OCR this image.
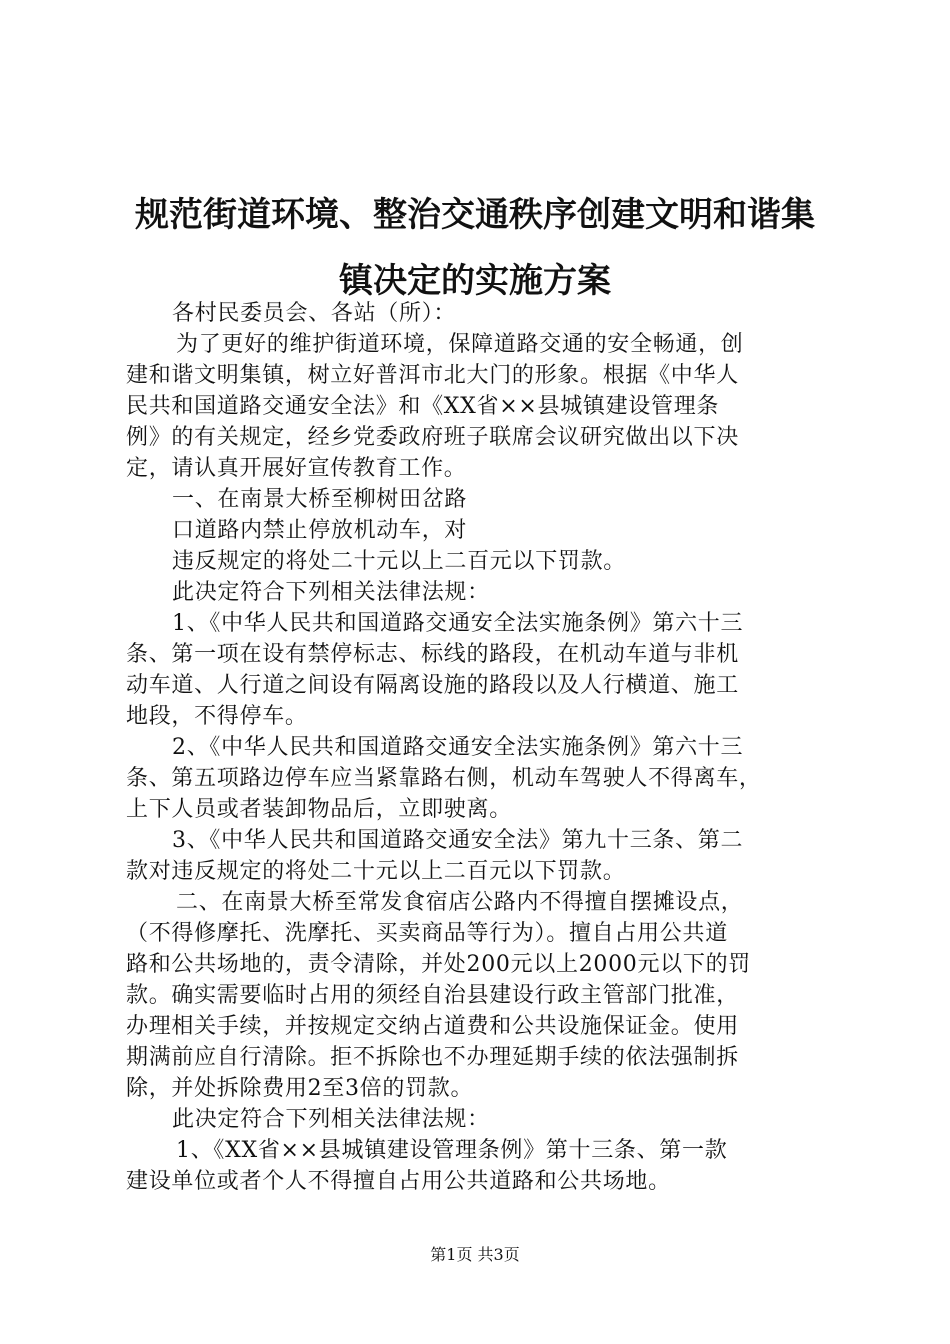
规范街道环境、整治交通秩序创建文明和谐集
镇决定的实施方案
各村民委员会、各站（所）：
为了更好的维护街道环境，保障道路交通的安全畅通，创
建和谐文明集镇，树立好普洱市北大门的形象。根据《中华人
民共和国道路交通安全法》和《XX省××县城镇建设管理条
例》的有关规定，经乡党委政府班子联席会议研究做出以下决
定，请认真开展好宣传教育工作。
一、在南景大桥至柳树田岔路
口道路内禁止停放机动车，对
违反规定的将处二十元以上二百元以下罚款。
此决定符合下列相关法律法规：
1、《中华人民共和国道路交通安全法实施条例》第六十三
条、第一项在设有禁停标志、标线的路段，在机动车道与非机
动车道、人行道之间设有隔离设施的路段以及人行横道、施工
地段，不得停车。
2、《中华人民共和国道路交通安全法实施条例》第六十三
条、第五项路边停车应当紧靠路右侧，机动车驾驶人不得离车，
上下人员或者装卸物品后，立即驶离。
3、《中华人民共和国道路交通安全法》第九十三条、第二
款对违反规定的将处二十元以上二百元以下罚款。
二、在南景大桥至常发食宿店公路内不得擅自摆摊设点，
（不得修摩托、洗摩托、买卖商品等行为）。擅自占用公共道
路和公共场地的，责令清除，并处200元以上2000元以下的罚
款。确实需要临时占用的须经自治县建设行政主管部门批准，
办理相关手续，并按规定交纳占道费和公共设施保证金。使用
期满前应自行清除。拒不拆除也不办理延期手续的依法强制拆
除，并处拆除费用2至3倍的罚款。
此决定符合下列相关法律法规：
1、《XX省××县城镇建设管理条例》第十三条、第一款
建设单位或者个人不得擅自占用公共道路和公共场地。
第1页 共3页
